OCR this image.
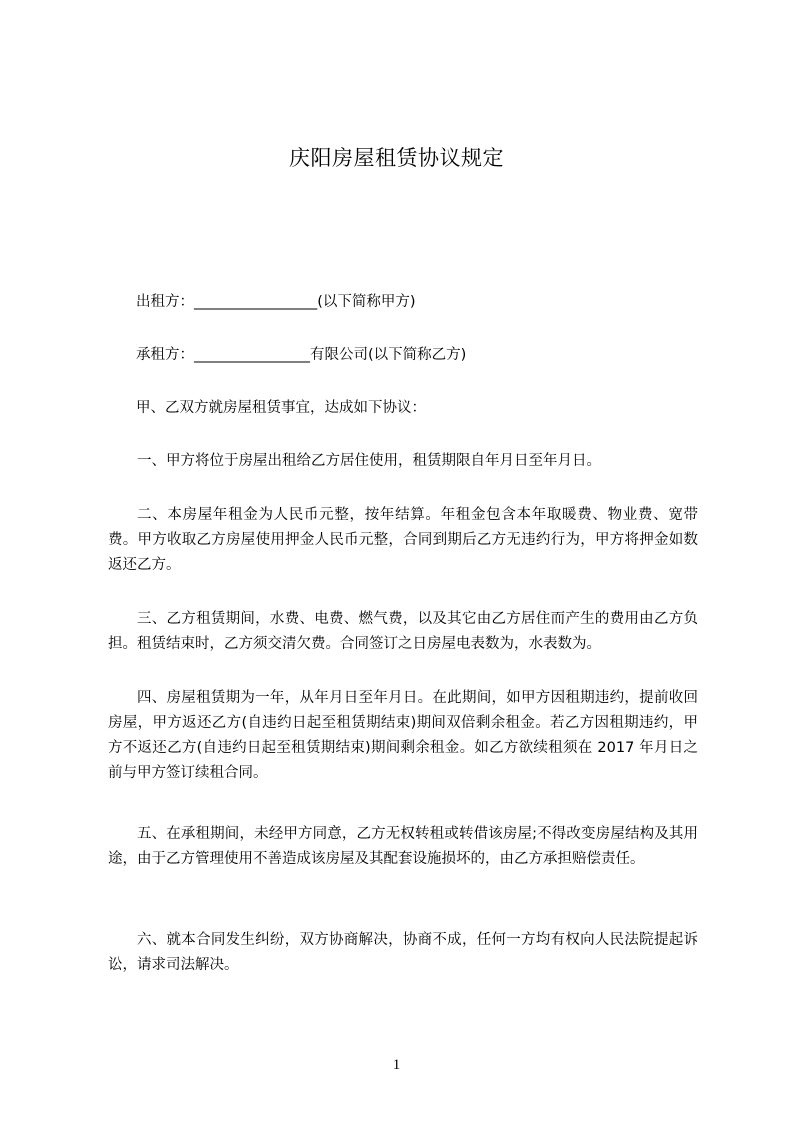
庆阳房屋租赁协议规定

出租方：_________________(以下简称甲方)

承租方：________________有限公司(以下简称乙方)

甲、乙双方就房屋租赁事宜，达成如下协议：

一、甲方将位于房屋出租给乙方居住使用，租赁期限自年月日至年月日。

二、本房屋年租金为人民币元整，按年结算。年租金包含本年取暖费、物业费、宽带费。甲方收取乙方房屋使用押金人民币元整，合同到期后乙方无违约行为，甲方将押金如数返还乙方。

三、乙方租赁期间，水费、电费、燃气费，以及其它由乙方居住而产生的费用由乙方负担。租赁结束时，乙方须交清欠费。合同签订之日房屋电表数为，水表数为。

四、房屋租赁期为一年，从年月日至年月日。在此期间，如甲方因租期违约，提前收回房屋，甲方返还乙方(自违约日起至租赁期结束)期间双倍剩余租金。若乙方因租期违约，甲方不返还乙方(自违约日起至租赁期结束)期间剩余租金。如乙方欲续租须在 2017 年月日之前与甲方签订续租合同。

五、在承租期间，未经甲方同意，乙方无权转租或转借该房屋;不得改变房屋结构及其用途，由于乙方管理使用不善造成该房屋及其配套设施损坏的，由乙方承担赔偿责任。

六、就本合同发生纠纷，双方协商解决，协商不成，任何一方均有权向人民法院提起诉讼，请求司法解决。

1
